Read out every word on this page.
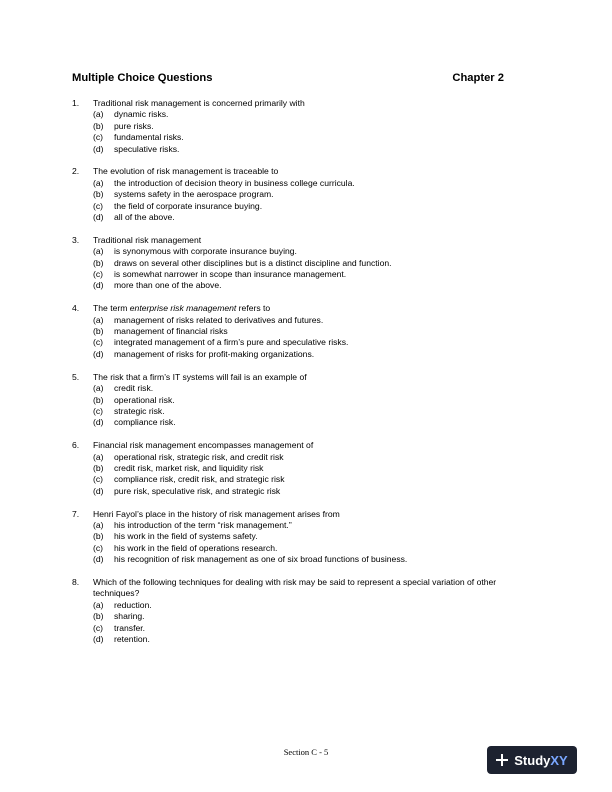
Multiple Choice Questions	Chapter 2
1.	Traditional risk management is concerned primarily with
(a)	dynamic risks.
(b)	pure risks.
(c)	fundamental risks.
(d)	speculative risks.
2.	The evolution of risk management is traceable to
(a)	the introduction of decision theory in business college curricula.
(b)	systems safety in the aerospace program.
(c)	the field of corporate insurance buying.
(d)	all of the above.
3.	Traditional risk management
(a)	is synonymous with corporate insurance buying.
(b)	draws on several other disciplines but is a distinct discipline and function.
(c)	is somewhat narrower in scope than insurance management.
(d)	more than one of the above.
4.	The term enterprise risk management refers to
(a)	management of risks related to derivatives and futures.
(b)	management of financial risks
(c)	integrated management of a firm’s pure and speculative risks.
(d)	management of risks for profit-making organizations.
5.	The risk that a firm’s IT systems will fail is an example of
(a)	credit risk.
(b)	operational risk.
(c)	strategic risk.
(d)	compliance risk.
6.	Financial risk management encompasses management of
(a)	operational risk, strategic risk, and credit risk
(b)	credit risk, market risk, and liquidity risk
(c)	compliance risk, credit risk, and strategic risk
(d)	pure risk, speculative risk, and strategic risk
7.	Henri Fayol’s place in the history of risk management arises from
(a)	his introduction of the term “risk management.”
(b)	his work in the field of systems safety.
(c)	his work in the field of operations research.
(d)	his recognition of risk management as one of six broad functions of business.
8.	Which of the following techniques for dealing with risk may be said to represent a special variation of other techniques?
(a)	reduction.
(b)	sharing.
(c)	transfer.
(d)	retention.
Section C - 5
StudyXY
